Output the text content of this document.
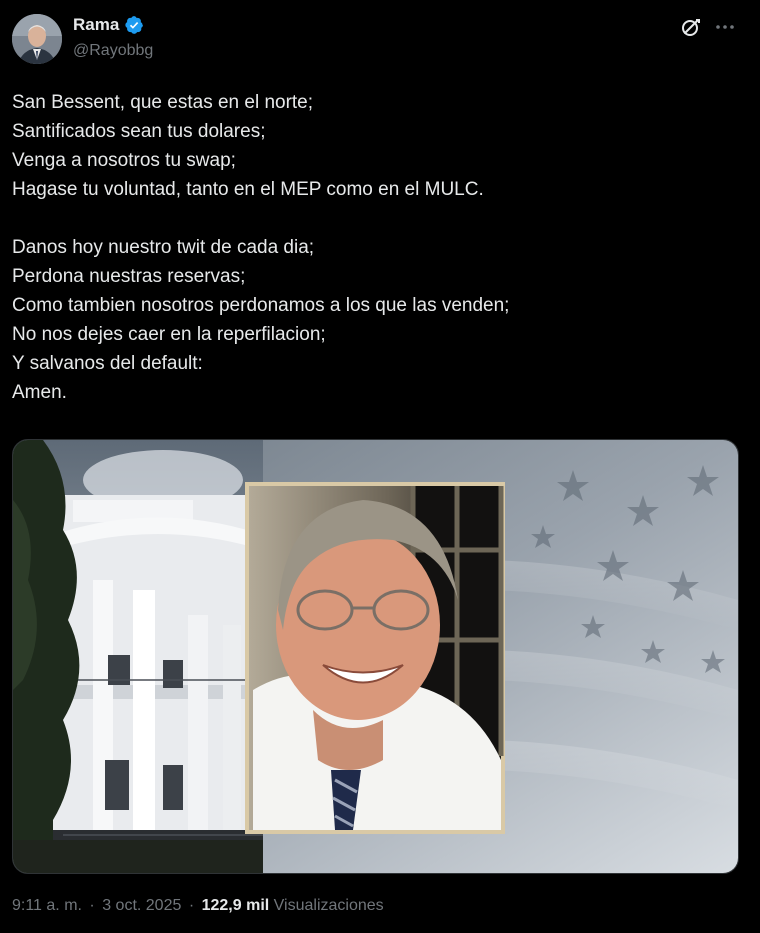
Rama
@Rayobbg
San Bessent, que estas en el norte;
Santificados sean tus dolares;
Venga a nosotros tu swap;
Hagase tu voluntad, tanto en el MEP como en el MULC.
Danos hoy nuestro twit de cada dia;
Perdona nuestras reservas;
Como tambien nosotros perdonamos a los que las venden;
No nos dejes caer en la reperfilacion;
Y salvanos del default:
Amen.
9:11 a. m. · 3 oct. 2025 · 122,9 mil Visualizaciones
